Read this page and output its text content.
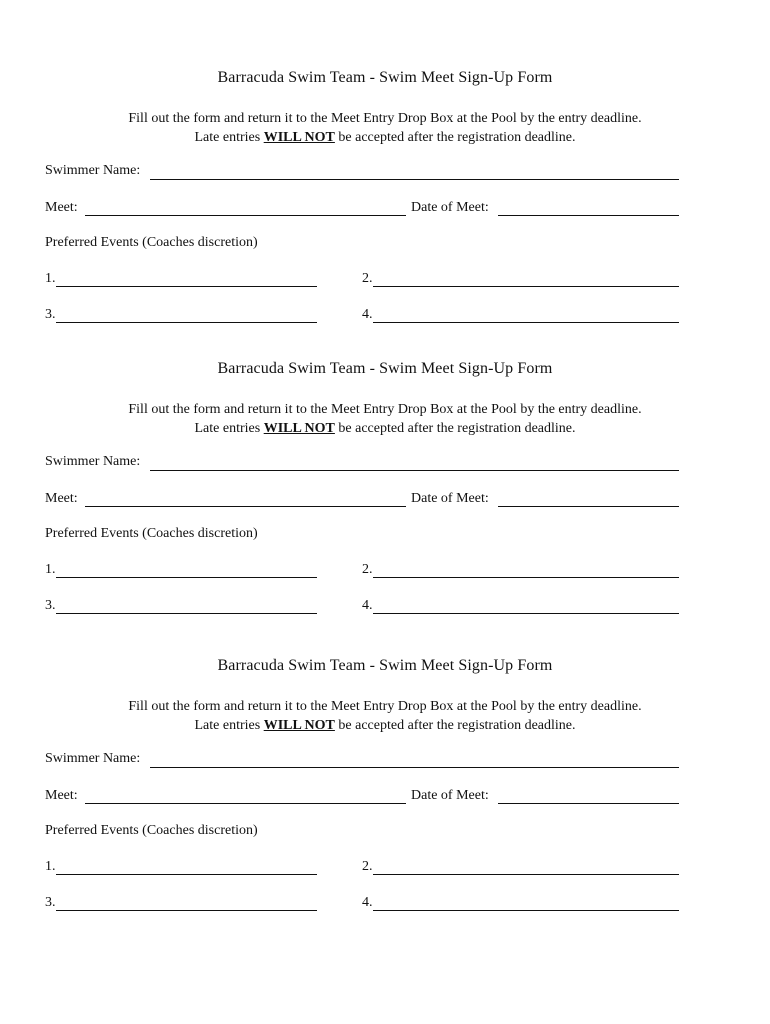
Barracuda Swim Team - Swim Meet Sign-Up Form
Fill out the form and return it to the Meet Entry Drop Box at the Pool by the entry deadline.
Late entries WILL NOT be accepted after the registration deadline.
Swimmer Name:
Meet:	Date of Meet:
Preferred Events (Coaches discretion)
1.	2.
3.	4.
Barracuda Swim Team - Swim Meet Sign-Up Form
Fill out the form and return it to the Meet Entry Drop Box at the Pool by the entry deadline.
Late entries WILL NOT be accepted after the registration deadline.
Swimmer Name:
Meet:	Date of Meet:
Preferred Events (Coaches discretion)
1.	2.
3.	4.
Barracuda Swim Team - Swim Meet Sign-Up Form
Fill out the form and return it to the Meet Entry Drop Box at the Pool by the entry deadline.
Late entries WILL NOT be accepted after the registration deadline.
Swimmer Name:
Meet:	Date of Meet:
Preferred Events (Coaches discretion)
1.	2.
3.	4.
